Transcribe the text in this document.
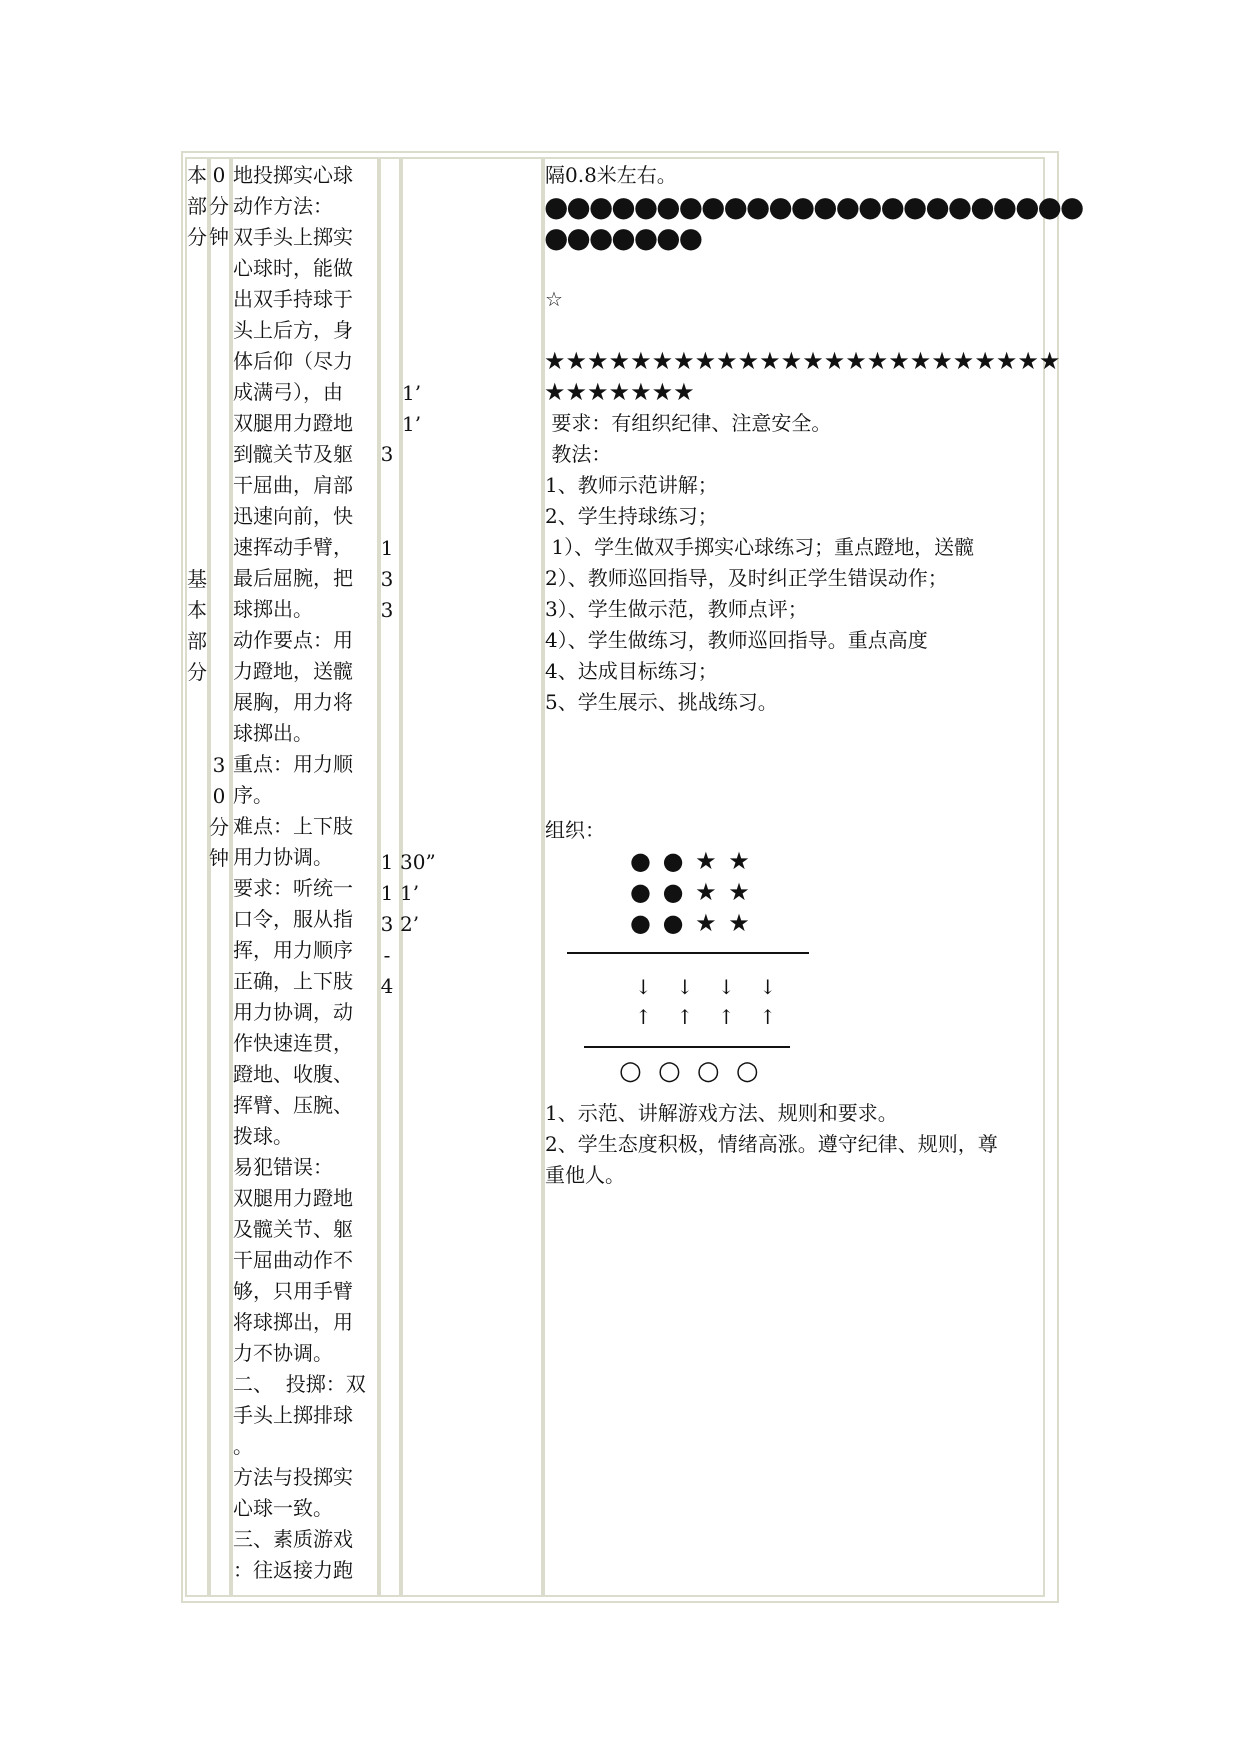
本
部
分
基
本
部
分
0
分
钟
3
0
分
钟
地投掷实心球
动作方法：
双手头上掷实
心球时，能做
出双手持球于
头上后方，身
体后仰（尽力
成满弓），由
双腿用力蹬地
到髋关节及躯
干屈曲，肩部
迅速向前，快
速挥动手臂，
最后屈腕，把
球掷出。
动作要点：用
力蹬地，送髋
展胸，用力将
球掷出。
重点：用力顺
序。
难点：上下肢
用力协调。
要求：听统一
口令，服从指
挥，用力顺序
正确，上下肢
用力协调，动
作快速连贯，
蹬地、收腹、
挥臂、压腕、
拨球。
易犯错误：
双腿用力蹬地
及髋关节、躯
干屈曲动作不
够，只用手臂
将球掷出，用
力不协调。
二、  投掷：双
手头上掷排球
。
方法与投掷实
心球一致。
三、素质游戏
：往返接力跑
3
1
3
3
1
1
3
-
4
1’
1’
30”
1’
2’
隔0.8米左右。
●●●●●●●●●●●●●●●●●●●●●●●●
●●●●●●●
☆
★★★★★★★★★★★★★★★★★★★★★★★★
★★★★★★★
要求：有组织纪律、注意安全。
教法：
1、教师示范讲解；
2、学生持球练习；
1）、学生做双手掷实心球练习；重点蹬地，送髋
2）、教师巡回指导，及时纠正学生错误动作；
3）、学生做示范，教师点评；
4）、学生做练习，教师巡回指导。重点高度
4、达成目标练习；
5、学生展示、挑战练习。
组织：
● ● ★ ★
● ● ★ ★
● ● ★ ★
↓  ↓  ↓  ↓
↑  ↑  ↑  ↑
○ ○ ○ ○
1、示范、讲解游戏方法、规则和要求。
2、学生态度积极，情绪高涨。遵守纪律、规则，尊
重他人。
